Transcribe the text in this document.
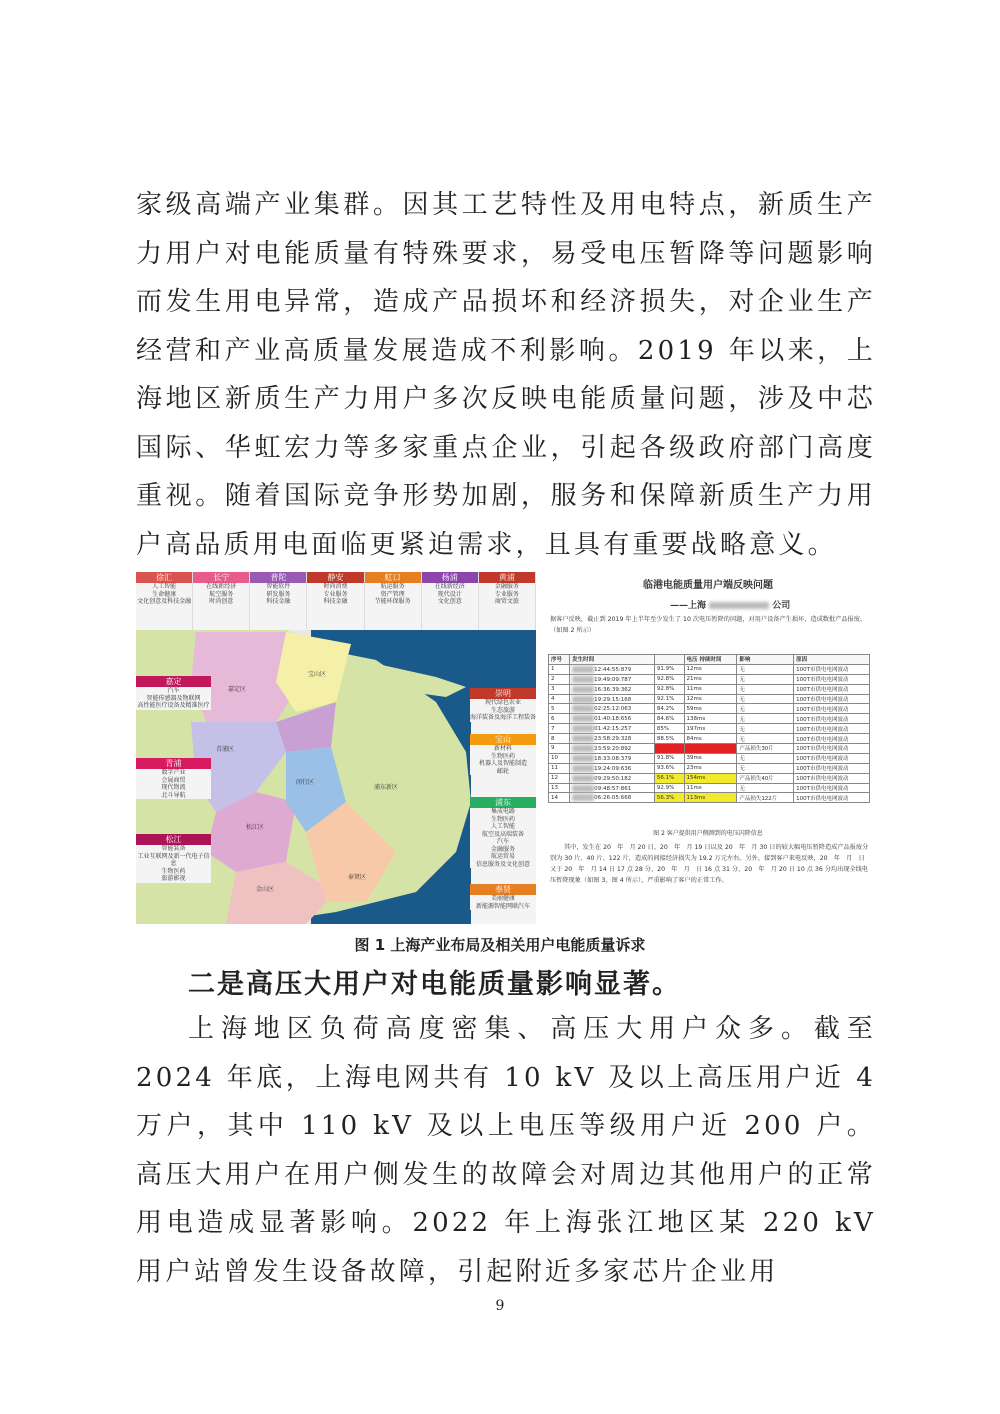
家级高端产业集群。因其工艺特性及用电特点，新质生产力用户对电能质量有特殊要求，易受电压暂降等问题影响而发生用电异常，造成产品损坏和经济损失，对企业生产经营和产业高质量发展造成不利影响。2019 年以来，上海地区新质生产力用户多次反映电能质量问题，涉及中芯国际、华虹宏力等多家重点企业，引起各级政府部门高度重视。随着国际竞争形势加剧，服务和保障新质生产力用户高品质用电面临更紧迫需求，且具有重要战略意义。

徐汇
人工智能
生命健康
文化创意及科技金融
长宁
在线新经济
航空服务
时尚创意
普陀
智能软件
研发服务
科技金融
静安
时尚消费
专业服务
科技金融
虹口
航运服务
资产管理
节能环保服务
杨浦
在线新经济
现代设计
文化创意
黄浦
金融服务
专业服务
商贸文旅
嘉定
汽车
智能传感器及物联网
高性能医疗设备及精准医疗
青浦
数字产业
会展商贸
现代物流
北斗导航
松江
智能装备
工业互联网及新一代电子信息
生物医药
旅游影视
崇明
现代绿色农业
生态旅游
海洋装备及海洋工程装备
宝山
新材料
生物医药
机器人及智能制造
邮轮
浦东
集成电路
生物医药
人工智能
航空及高端装备
汽车
金融服务
航运贸易
信息服务及文化创意
奉贤
美丽健康
新能源智能网联汽车
宝山区
嘉定区
青浦区
松江区
闵行区
浦东新区
奉贤区
金山区
临港电能质量用户端反映问题
——上海	公司
据客户反映，截止到 2019 年上半年至少发生了 10 次电压暂降的问题，对用户设备产生损坏，造成数批产品报废。（如图 2 所示）
序号	发生时间		电压 持续时间	影响	原因
1	12:44:55:879	91.9%	12ms	无	100T市供电电网波动
2	19:49:09:787	92.8%	21ms	无	100T市供电电网波动
3	16:36:39:362	92.8%	11ms	无	100T市供电电网波动
4	19:29:15:168	92.1%	12ms	无	100T市供电电网波动
5	02:25:12:063	84.2%	59ms	无	100T市供电电网波动
6	01:40:18:656	84.6%	138ms	无	100T市供电电网波动
7	01:42:15:257	85%	197ms	无	100T市供电电网波动
8	23:58:29:328	88.5%	84ms	无	100T市供电电网波动
9	23:59:20:892			产品损失30片	100T市供电电网波动
10	18:33:08:379	91.8%	39ms	无	100T市供电电网波动
11	19:24:09:636	93.6%	23ms	无	100T市供电电网波动
12	09:29:50:182	56.1%	154ms	产品损失40片	100T市供电电网波动
13	09:48:57:861	92.9%	11ms	无	100T市供电电网波动
14	06:26:05:668	56.3%	113ms	产品损失122片	100T市供电电网波动
图 2 客户提供用户侧测到的电压闪降信息
其中，发生在 20　年　月 20 日、20　年　月 19 日以及 20　年　月 30 日的较大幅电压暂降造成产品报废分别为 30 片、40 片、122 片，造成的间接经济损失为 19.2 万元左右。另外，接到客户来电反映，20　年　月　日　又于 20　年　月 14 日 17 点 28 分、20　年　月　日 16 点 31 分、20　年　月 20 日 10 点 36 分均出现全线电压暂降现象（如图 3、图 4 所示），严重影响了客户的正常工作。
图 1 上海产业布局及相关用户电能质量诉求
二是高压大用户对电能质量影响显著。

上海地区负荷高度密集、高压大用户众多。截至 2024 年底，上海电网共有 10 kV 及以上高压用户近 4 万户，其中 110 kV 及以上电压等级用户近 200 户。高压大用户在用户侧发生的故障会对周边其他用户的正常用电造成显著影响。2022 年上海张江地区某 220 kV 用户站曾发生设备故障，引起附近多家芯片企业用

9
